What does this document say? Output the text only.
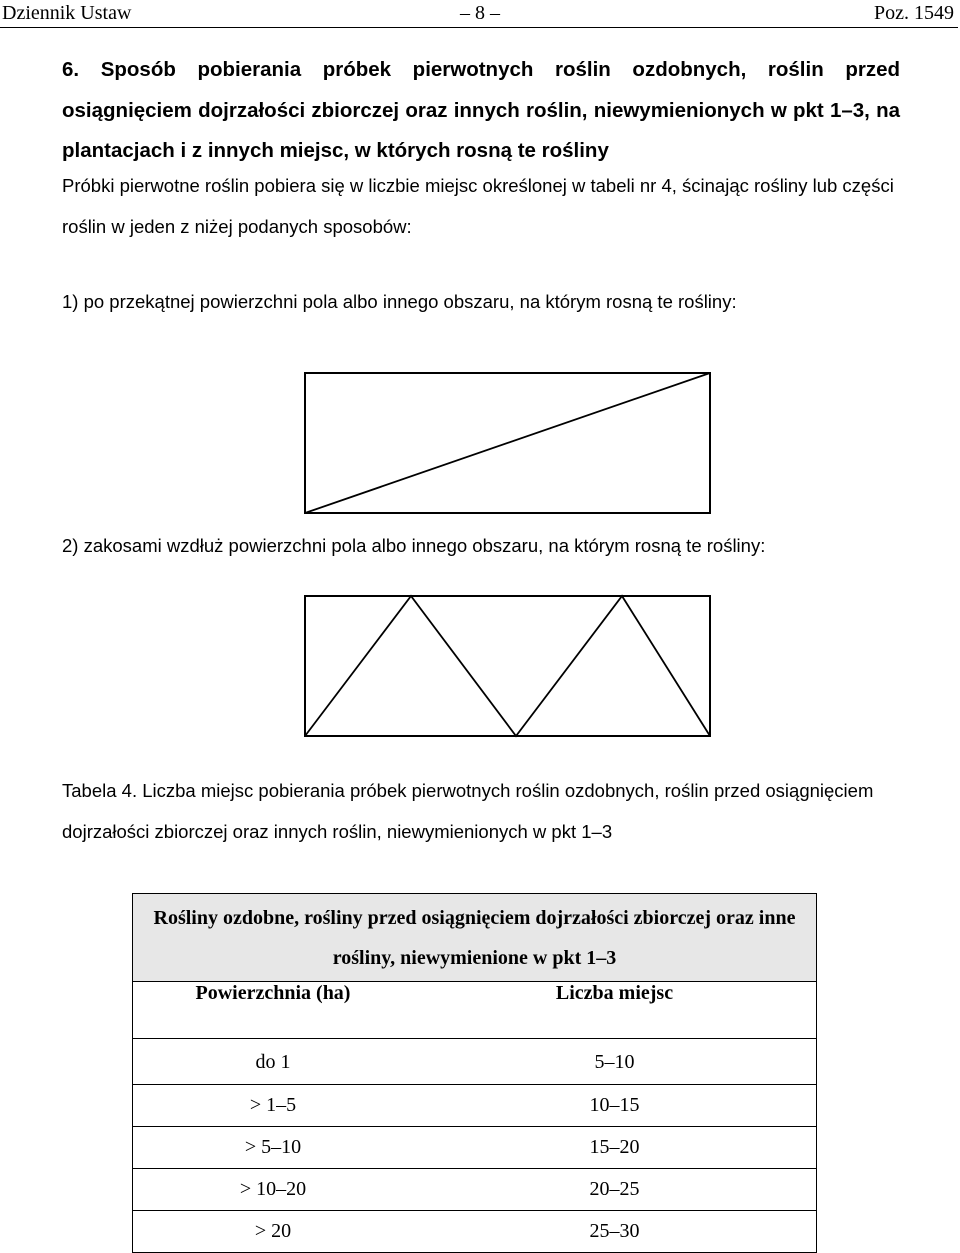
Dziennik Ustaw	– 8 –	Poz. 1549
6. Sposób pobierania próbek pierwotnych roślin ozdobnych, roślin przed osiągnięciem dojrzałości zbiorczej oraz innych roślin, niewymienionych w pkt 1–3, na plantacjach i z innych miejsc, w których rosną te rośliny
Próbki pierwotne roślin pobiera się w liczbie miejsc określonej w tabeli nr 4, ścinając rośliny lub części roślin w jeden z niżej podanych sposobów:
1) po przekątnej powierzchni pola albo innego obszaru, na którym rosną te rośliny:
2) zakosami wzdłuż powierzchni pola albo innego obszaru, na którym rosną te rośliny:
Tabela 4. Liczba miejsc pobierania próbek pierwotnych roślin ozdobnych, roślin przed osiągnięciem dojrzałości zbiorczej oraz innych roślin, niewymienionych w pkt 1–3
Rośliny ozdobne, rośliny przed osiągnięciem dojrzałości zbiorczej oraz inne rośliny, niewymienione w pkt 1–3	
Powierzchnia (ha)	Liczba miejsc
do 1	5–10
> 1–5	10–15
> 5–10	15–20
> 10–20	20–25
> 20	25–30
